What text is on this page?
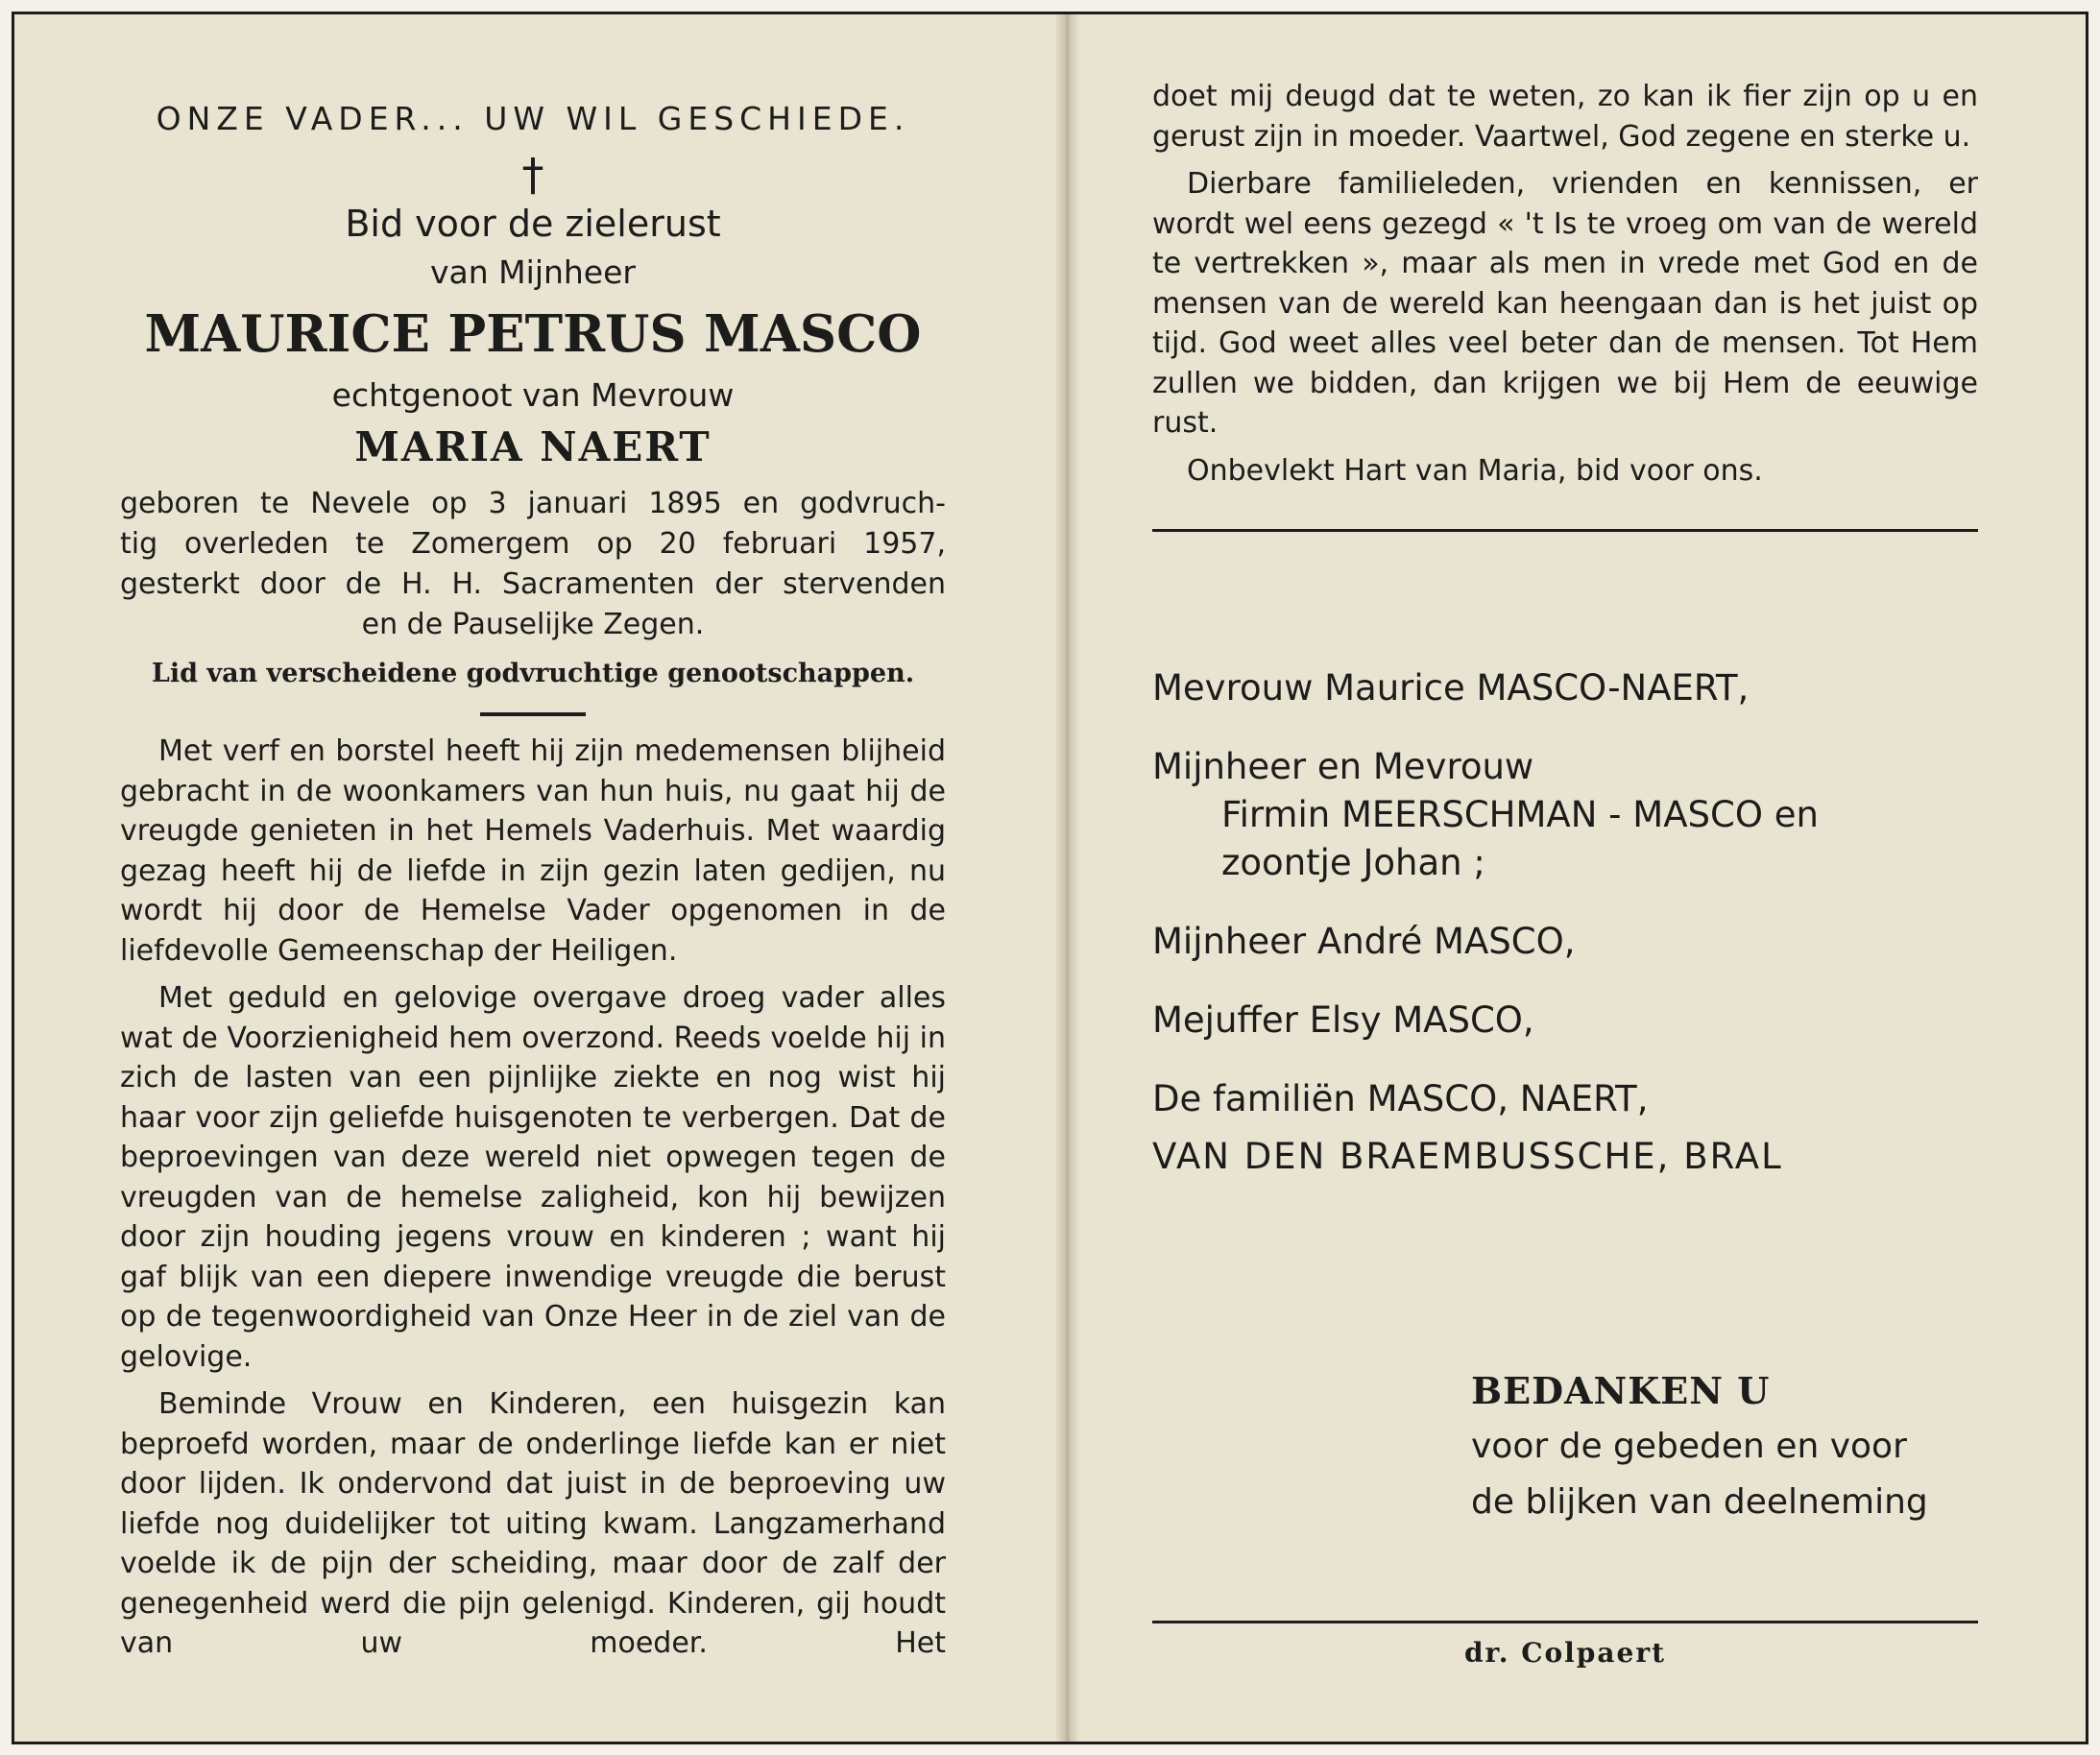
ONZE VADER... UW WIL GESCHIEDE.

†

Bid voor de zielerust

van Mijnheer

MAURICE PETRUS MASCO

echtgenoot van Mevrouw

MARIA NAERT

geboren te Nevele op 3 januari 1895 en godvruch-
tig overleden te Zomergem op 20 februari 1957,
gesterkt door de H. H. Sacramenten der stervenden
en de Pauselijke Zegen.

Lid van verscheidene godvruchtige genootschappen.

Met verf en borstel heeft hij zijn medemensen blijheid gebracht in de woonkamers van hun huis, nu gaat hij de vreugde genieten in het Hemels Vaderhuis. Met waardig gezag heeft hij de liefde in zijn gezin laten gedijen, nu wordt hij door de Hemelse Vader opgenomen in de liefdevolle Gemeenschap der Heiligen.

Met geduld en gelovige overgave droeg vader alles wat de Voorzienigheid hem overzond. Reeds voelde hij in zich de lasten van een pijnlijke ziekte en nog wist hij haar voor zijn geliefde huisgenoten te verbergen. Dat de beproevingen van deze wereld niet opwegen tegen de vreugden van de hemelse zaligheid, kon hij bewijzen door zijn houding jegens vrouw en kinderen ; want hij gaf blijk van een diepere inwendige vreugde die berust op de tegenwoordigheid van Onze Heer in de ziel van de gelovige.

Beminde Vrouw en Kinderen, een huisgezin kan beproefd worden, maar de onderlinge liefde kan er niet door lijden. Ik ondervond dat juist in de beproeving uw liefde nog duidelijker tot uiting kwam. Langzamerhand voelde ik de pijn der scheiding, maar door de zalf der genegenheid werd die pijn gelenigd. Kinderen, gij houdt van uw moeder. Het

doet mij deugd dat te weten, zo kan ik fier zijn op u en gerust zijn in moeder. Vaartwel, God zegene en sterke u.

Dierbare familieleden, vrienden en kennissen, er wordt wel eens gezegd « 't Is te vroeg om van de wereld te vertrekken », maar als men in vrede met God en de mensen van de wereld kan heengaan dan is het juist op tijd. God weet alles veel beter dan de mensen. Tot Hem zullen we bidden, dan krijgen we bij Hem de eeuwige rust.

Onbevlekt Hart van Maria, bid voor ons.

Mevrouw Maurice MASCO-NAERT,

Mijnheer en Mevrouw

Firmin MEERSCHMAN - MASCO en

zoontje Johan ;

Mijnheer André MASCO,

Mejuffer Elsy MASCO,

De familiën MASCO, NAERT,

VAN DEN BRAEMBUSSCHE, BRAL

BEDANKEN U

voor de gebeden en voor

de blijken van deelneming

dr. Colpaert
